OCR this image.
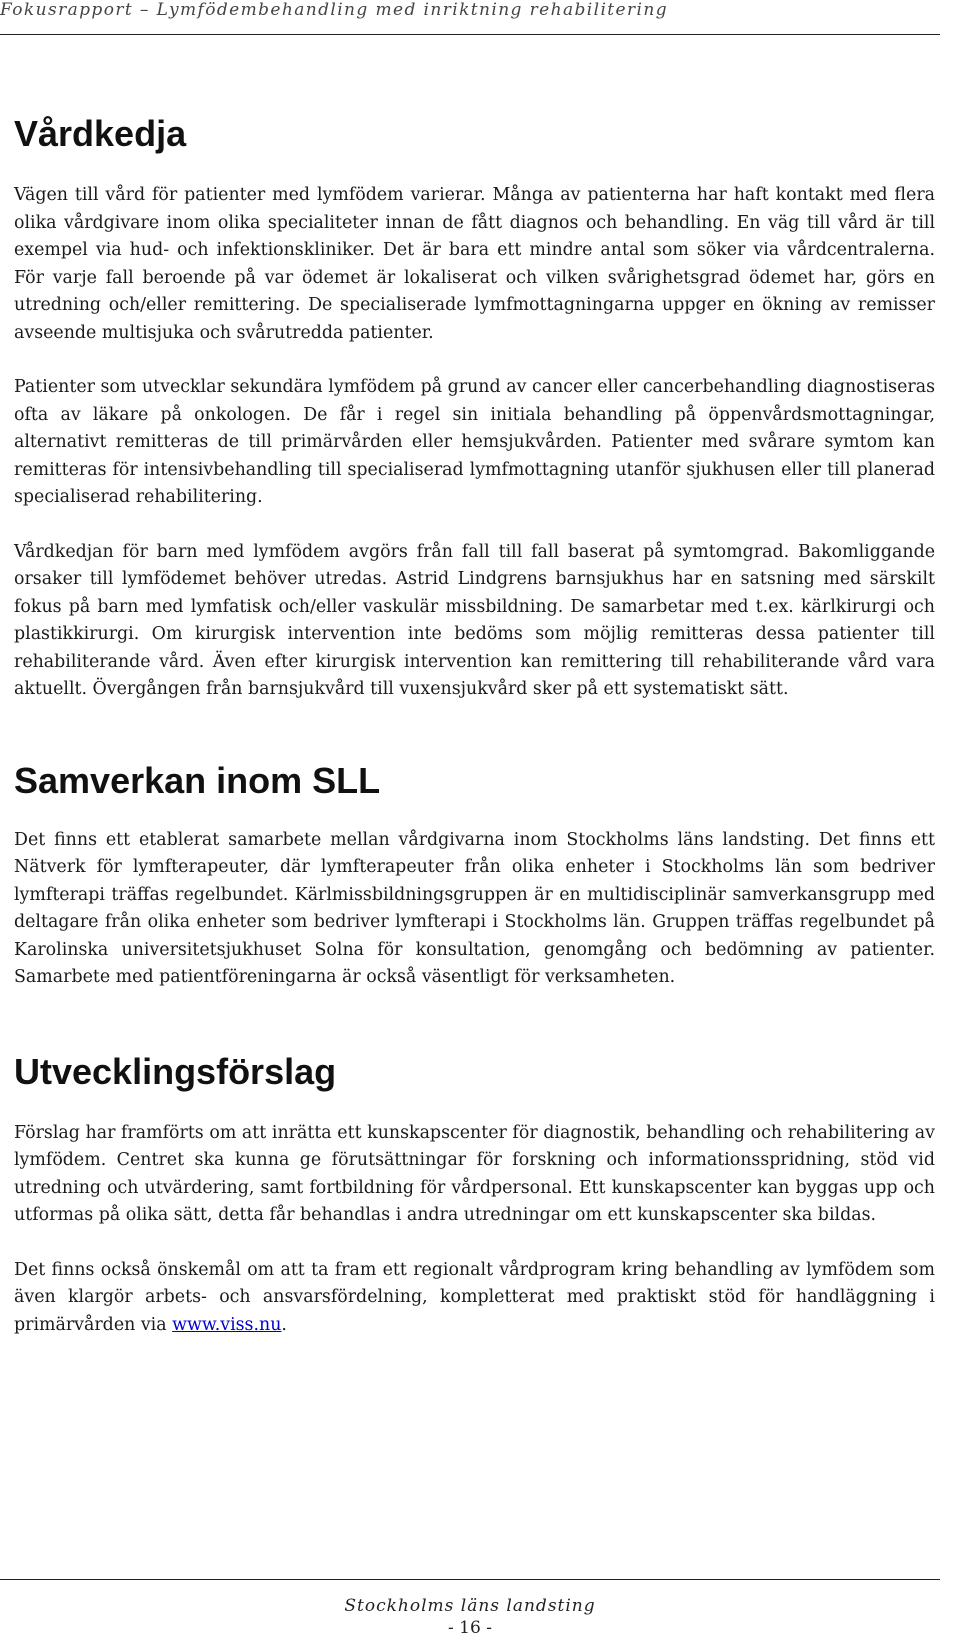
Fokusrapport – Lymfödembehandling med inriktning rehabilitering
Vårdkedja

Vägen till vård för patienter med lymfödem varierar. Många av patienterna har haft kontakt med flera olika vårdgivare inom olika specialiteter innan de fått diagnos och behandling. En väg till vård är till exempel via hud- och infektionskliniker. Det är bara ett mindre antal som söker via vårdcentralerna. För varje fall beroende på var ödemet är lokaliserat och vilken svårighetsgrad ödemet har, görs en utredning och/eller remittering. De specialiserade lymfmottagningarna uppger en ökning av remisser avseende multisjuka och svårutredda patienter.

Patienter som utvecklar sekundära lymfödem på grund av cancer eller cancerbehandling diagnostiseras ofta av läkare på onkologen. De får i regel sin initiala behandling på öppenvårdsmottagningar, alternativt remitteras de till primärvården eller hemsjukvården. Patienter med svårare symtom kan remitteras för intensivbehandling till specialiserad lymfmottagning utanför sjukhusen eller till planerad specialiserad rehabilitering.

Vårdkedjan för barn med lymfödem avgörs från fall till fall baserat på symtomgrad. Bakomliggande orsaker till lymfödemet behöver utredas. Astrid Lindgrens barnsjukhus har en satsning med särskilt fokus på barn med lymfatisk och/eller vaskulär missbildning. De samarbetar med t.ex. kärlkirurgi och plastikkirurgi. Om kirurgisk intervention inte bedöms som möjlig remitteras dessa patienter till rehabiliterande vård. Även efter kirurgisk intervention kan remittering till rehabiliterande vård vara aktuellt. Övergången från barnsjukvård till vuxensjukvård sker på ett systematiskt sätt.

Samverkan inom SLL

Det finns ett etablerat samarbete mellan vårdgivarna inom Stockholms läns landsting. Det finns ett Nätverk för lymfterapeuter, där lymfterapeuter från olika enheter i Stockholms län som bedriver lymfterapi träffas regelbundet. Kärlmissbildningsgruppen är en multidisciplinär samverkansgrupp med deltagare från olika enheter som bedriver lymfterapi i Stockholms län. Gruppen träffas regelbundet på Karolinska universitetsjukhuset Solna för konsultation, genomgång och bedömning av patienter. Samarbete med patientföreningarna är också väsentligt för verksamheten.

Utvecklingsförslag

Förslag har framförts om att inrätta ett kunskapscenter för diagnostik, behandling och rehabilitering av lymfödem. Centret ska kunna ge förutsättningar för forskning och informationsspridning, stöd vid utredning och utvärdering, samt fortbildning för vårdpersonal. Ett kunskapscenter kan byggas upp och utformas på olika sätt, detta får behandlas i andra utredningar om ett kunskapscenter ska bildas.

Det finns också önskemål om att ta fram ett regionalt vårdprogram kring behandling av lymfödem som även klargör arbets- och ansvarsfördelning, kompletterat med praktiskt stöd för handläggning i primärvården via www.viss.nu.

Stockholms läns landsting
- 16 -
